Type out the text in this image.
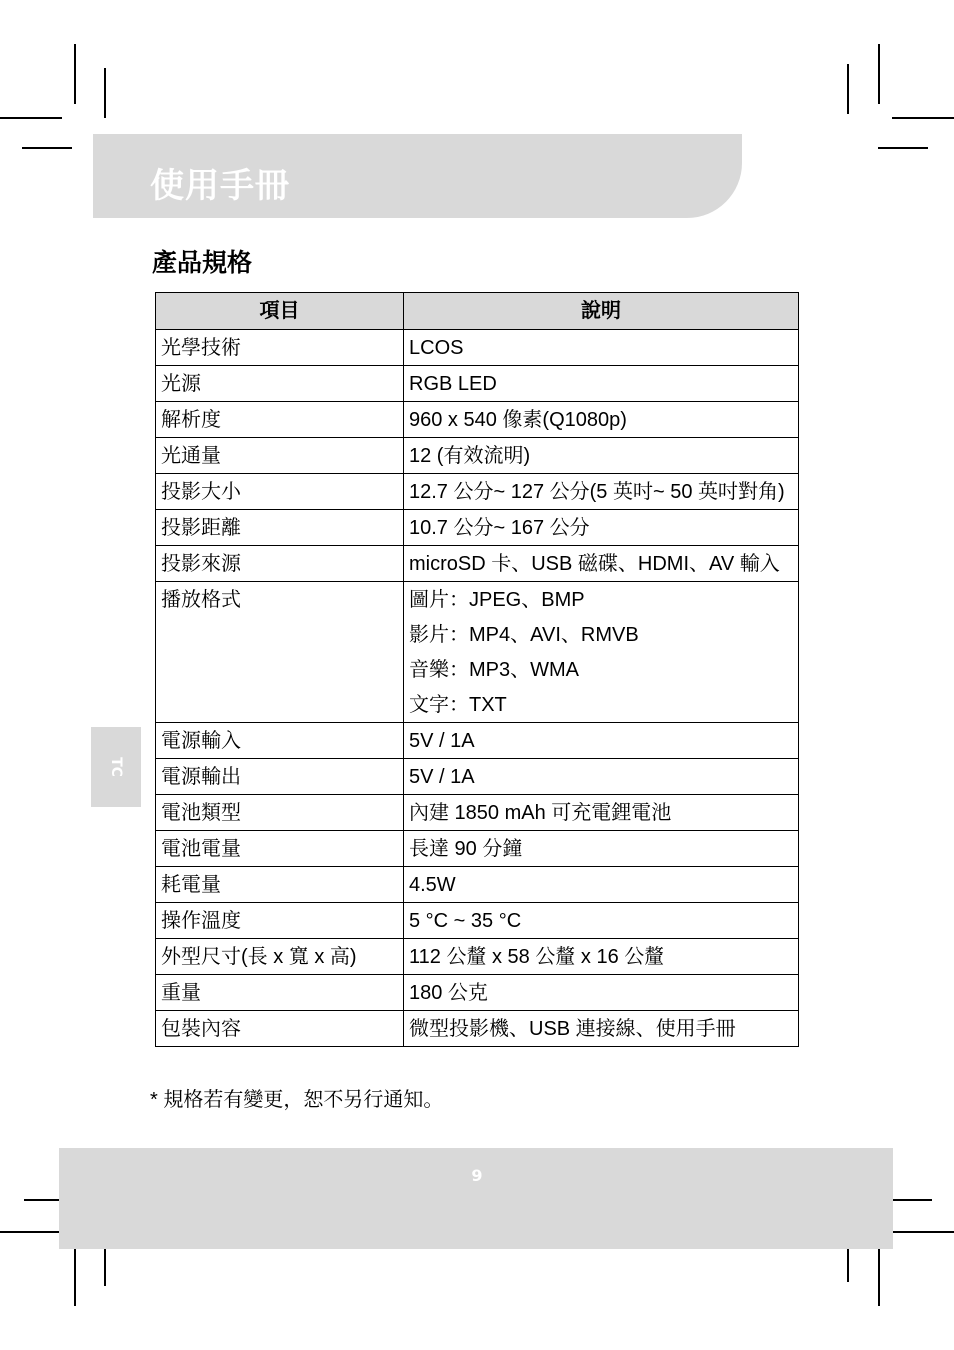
使用手冊
產品規格
項目	說明
光學技術	LCOS

光源	RGB LED

解析度	960 x 540 像素(Q1080p)

光通量	12 (有效流明)

投影大小	12.7 公分~ 127 公分(5 英吋~ 50 英吋對角)

投影距離	10.7 公分~ 167 公分

投影來源	microSD 卡、USB 磁碟、HDMI、AV 輸入

播放格式	圖片：JPEG、BMP
影片：MP4、AVI、RMVB
音樂：MP3、WMA
文字：TXT

電源輸入	5V / 1A

電源輸出	5V / 1A

電池類型	內建 1850 mAh 可充電鋰電池

電池電量	長達 90 分鐘

耗電量	4.5W

操作溫度	5 °C ~ 35 °C

外型尺寸(長 x 寬 x 高)	112 公釐 x 58 公釐 x 16 公釐

重量	180 公克

包裝內容	微型投影機、USB 連接線、使用手冊
TC
* 規格若有變更，恕不另行通知。
9
